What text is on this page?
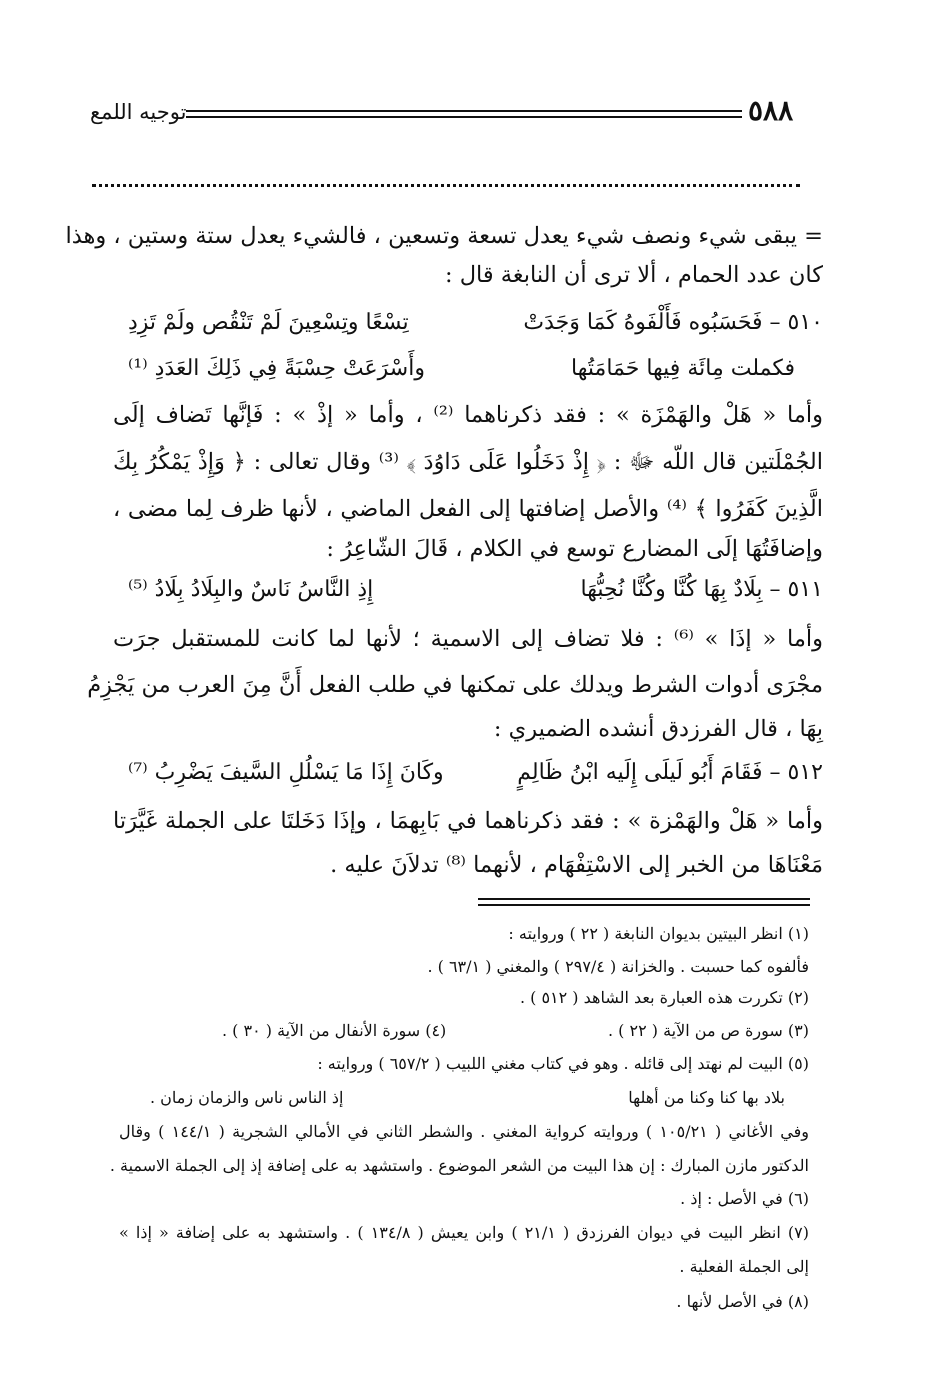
٥٨٨
توجيه اللمع
= يبقى شيء ونصف شيء يعدل تسعة وتسعين ، فالشيء يعدل ستة وستين ، وهذا
كان عدد الحمام ، ألا ترى أن النابغة قال :
٥١٠ – فَحَسَبُوه فَأَلْفَوهُ كَمَا وَجَدَتْ
تِسْعًا وتِسْعِينَ لَمْ تَنْقُص ولَمْ تَزِدِ
فكملت مِائَة فِيها حَمَامَتُها
وأَسْرَعَتْ حِسْبَةً فِي ذَلِكَ العَدَدِ ⁽¹⁾
وأما « هَلْ والهَمْزَة » : فقد ذكرناهما ⁽²⁾ ، وأما « إذْ » : فَإنَّها تَضاف إلَى
الجُمْلَتين قال اللّه ﷻ : ﴿ إِذْ دَخَلُوا عَلَى دَاوُدَ ﴾ ⁽³⁾ وقال تعالى : ﴿ وَإِذْ يَمْكُرُ بِكَ
الَّذِينَ كَفَرُوا ﴾ ⁽⁴⁾ والأصل إضافتها إلى الفعل الماضي ، لأنها ظرف لِما مضى ،
وإضافَتُهَا إلَى المضارع توسع في الكلام ، قَالَ الشّاعِرُ :
٥١١ – بِلَادٌ بِهَا كُنَّا وكُنَّا نُحِبُّهَا
إِذِ النَّاسُ نَاسٌ والبِلَادُ بِلَادُ ⁽⁵⁾
وأما « إذَا » ⁽⁶⁾ : فلا تضاف إلى الاسمية ؛ لأنها لما كانت للمستقبل جرَت
مجْرَى أدوات الشرط ويدلك على تمكنها في طلب الفعل أَنَّ مِنَ العرب من يَجْزِمُ
بِهَا ، قال الفرزدق أنشده الضميري :
٥١٢ – فَقَامَ أَبُو لَيلَى إِلَيه ابْنُ ظَالِمٍ
وكَانَ إِذَا مَا يَسْلُلِ السَّيفَ يَضْرِبُ ⁽⁷⁾
وأما « هَلْ والهَمْزة » : فقد ذكرناهما في بَابِهمَا ، وإذَا دَخَلتَا على الجملة غَيَّرَتا
مَعْنَاهَا من الخبر إلى الاسْتِفْهَام ، لأنهما ⁽⁸⁾ تدلاَنَ عليه .
(١) انظر البيتين بديوان النابغة ( ٢٢ ) وروايته :
فألفوه كما حسبت . والخزانة ( ٢٩٧/٤ ) والمغني ( ٦٣/١ ) .
(٢) تكررت هذه العبارة بعد الشاهد ( ٥١٢ ) .
(٣) سورة ص من الآية ( ٢٢ ) .
(٤) سورة الأنفال من الآية ( ٣٠ ) .
(٥) البيت لم نهتد إلى قائله . وهو في كتاب مغني اللبيب ( ٦٥٧/٢ ) وروايته :
بلاد بها كنا وكنا من أهلها
إذ الناس ناس والزمان زمان .
وفي الأغاني ( ١٠٥/٢١ ) وروايته كرواية المغني . والشطر الثاني في الأمالي الشجرية ( ١٤٤/١ ) وقال
الدكتور مازن المبارك : إن هذا البيت من الشعر الموضوع . واستشهد به على إضافة إذ إلى الجملة الاسمية .
(٦) في الأصل : إذ .
(٧) انظر البيت في ديوان الفرزدق ( ٢١/١ ) وابن يعيش ( ١٣٤/٨ ) . واستشهد به على إضافة « إذا »
إلى الجملة الفعلية .
(٨) في الأصل لأنها .
